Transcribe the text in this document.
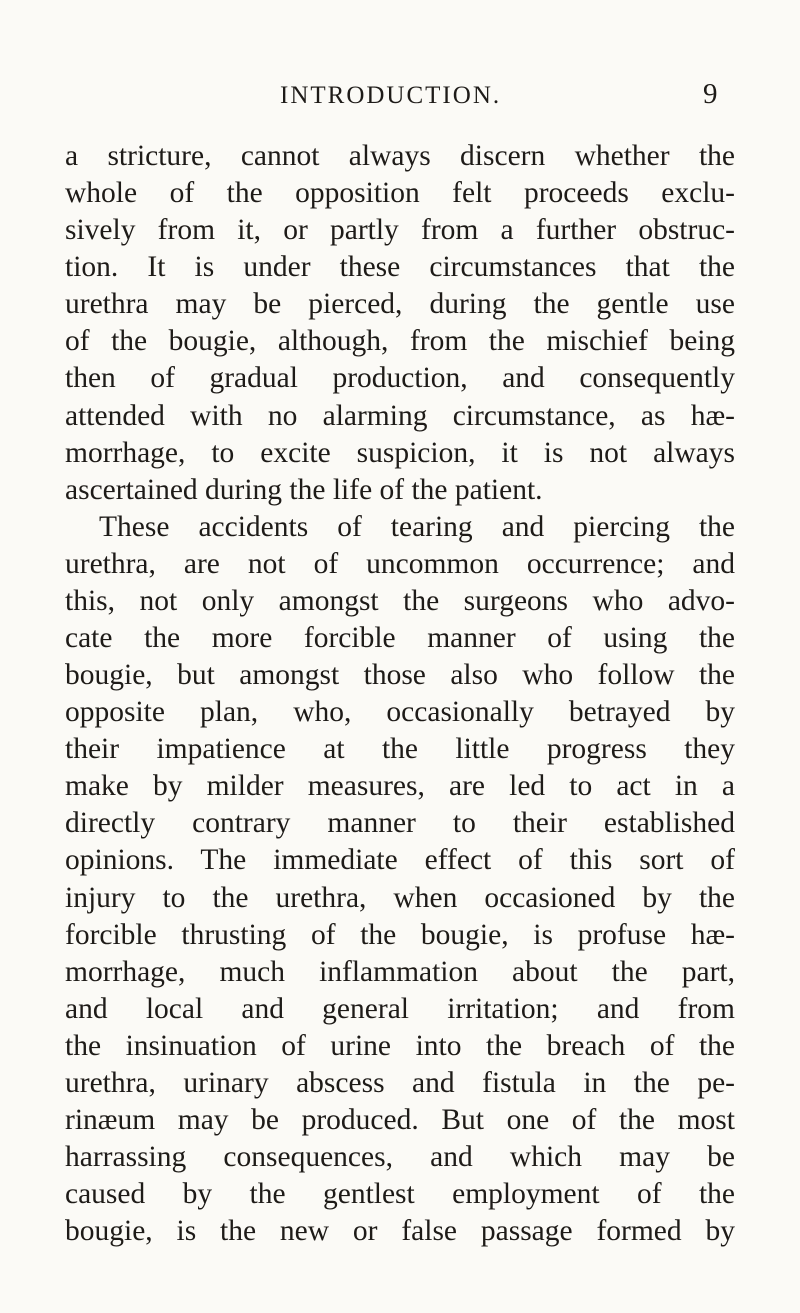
INTRODUCTION.	9
a stricture, cannot always discern whether the
whole of the opposition felt proceeds exclu-
sively from it, or partly from a further obstruc-
tion. It is under these circumstances that the
urethra may be pierced, during the gentle use
of the bougie, although, from the mischief being
then of gradual production, and consequently
attended with no alarming circumstance, as hæ-
morrhage, to excite suspicion, it is not always
ascertained during the life of the patient.
These accidents of tearing and piercing the
urethra, are not of uncommon occurrence; and
this, not only amongst the surgeons who advo-
cate the more forcible manner of using the
bougie, but amongst those also who follow the
opposite plan, who, occasionally betrayed by
their impatience at the little progress they
make by milder measures, are led to act in a
directly contrary manner to their established
opinions. The immediate effect of this sort of
injury to the urethra, when occasioned by the
forcible thrusting of the bougie, is profuse hæ-
morrhage, much inflammation about the part,
and local and general irritation; and from
the insinuation of urine into the breach of the
urethra, urinary abscess and fistula in the pe-
rinæum may be produced. But one of the most
harrassing consequences, and which may be
caused by the gentlest employment of the
bougie, is the new or false passage formed by
